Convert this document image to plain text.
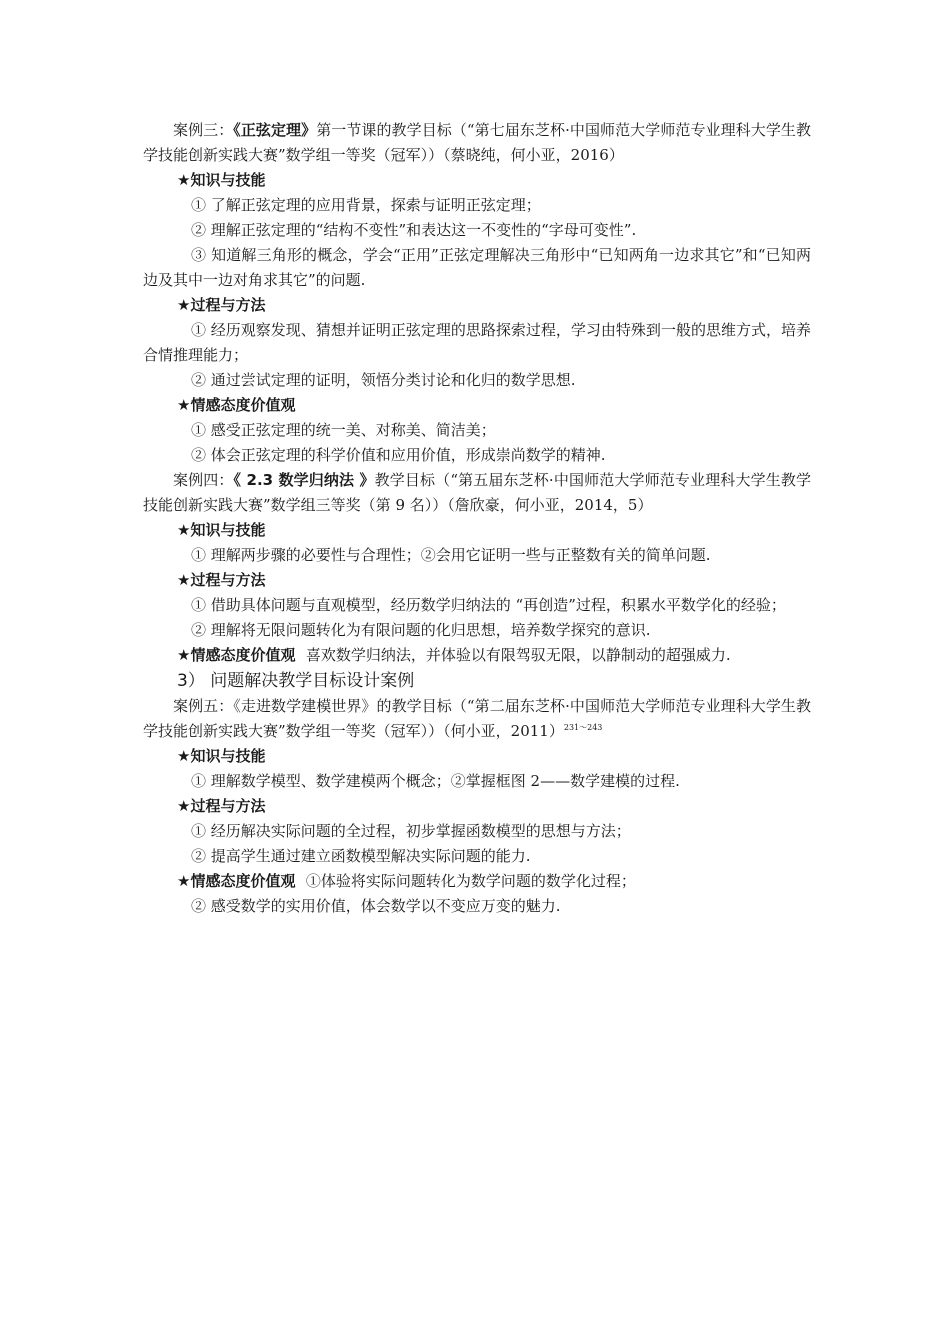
案例三：《正弦定理》第一节课的教学目标（“第七届东芝杯·中国师范大学师范专业理科大学生教学技能创新实践大赛”数学组一等奖（冠军））（蔡晓纯，何小亚，2016）

★知识与技能

① 了解正弦定理的应用背景，探索与证明正弦定理；

② 理解正弦定理的“结构不变性”和表达这一不变性的“字母可变性”.

③ 知道解三角形的概念，学会“正用”正弦定理解决三角形中“已知两角一边求其它”和“已知两边及其中一边对角求其它”的问题.

★过程与方法

① 经历观察发现、猜想并证明正弦定理的思路探索过程，学习由特殊到一般的思维方式，培养合情推理能力；

② 通过尝试定理的证明，领悟分类讨论和化归的数学思想.

★情感态度价值观

① 感受正弦定理的统一美、对称美、简洁美；

② 体会正弦定理的科学价值和应用价值，形成崇尚数学的精神.

案例四：《 2.3 数学归纳法 》教学目标（“第五届东芝杯·中国师范大学师范专业理科大学生教学技能创新实践大赛”数学组三等奖（第 9 名））（詹欣豪，何小亚，2014，5）

★知识与技能

① 理解两步骤的必要性与合理性；②会用它证明一些与正整数有关的简单问题.

★过程与方法

① 借助具体问题与直观模型，经历数学归纳法的 “再创造”过程，积累水平数学化的经验；

② 理解将无限问题转化为有限问题的化归思想，培养数学探究的意识.

★情感态度价值观 喜欢数学归纳法，并体验以有限驾驭无限，以静制动的超强威力.

3） 问题解决教学目标设计案例

案例五：《走进数学建模世界》的教学目标（“第二届东芝杯·中国师范大学师范专业理科大学生教学技能创新实践大赛”数学组一等奖（冠军））（何小亚，2011）$^{231\sim 243}$

★知识与技能

① 理解数学模型、数学建模两个概念；②掌握框图 2——数学建模的过程.

★过程与方法

① 经历解决实际问题的全过程，初步掌握函数模型的思想与方法；

② 提高学生通过建立函数模型解决实际问题的能力.

★情感态度价值观 ①体验将实际问题转化为数学问题的数学化过程；

② 感受数学的实用价值，体会数学以不变应万变的魅力.
